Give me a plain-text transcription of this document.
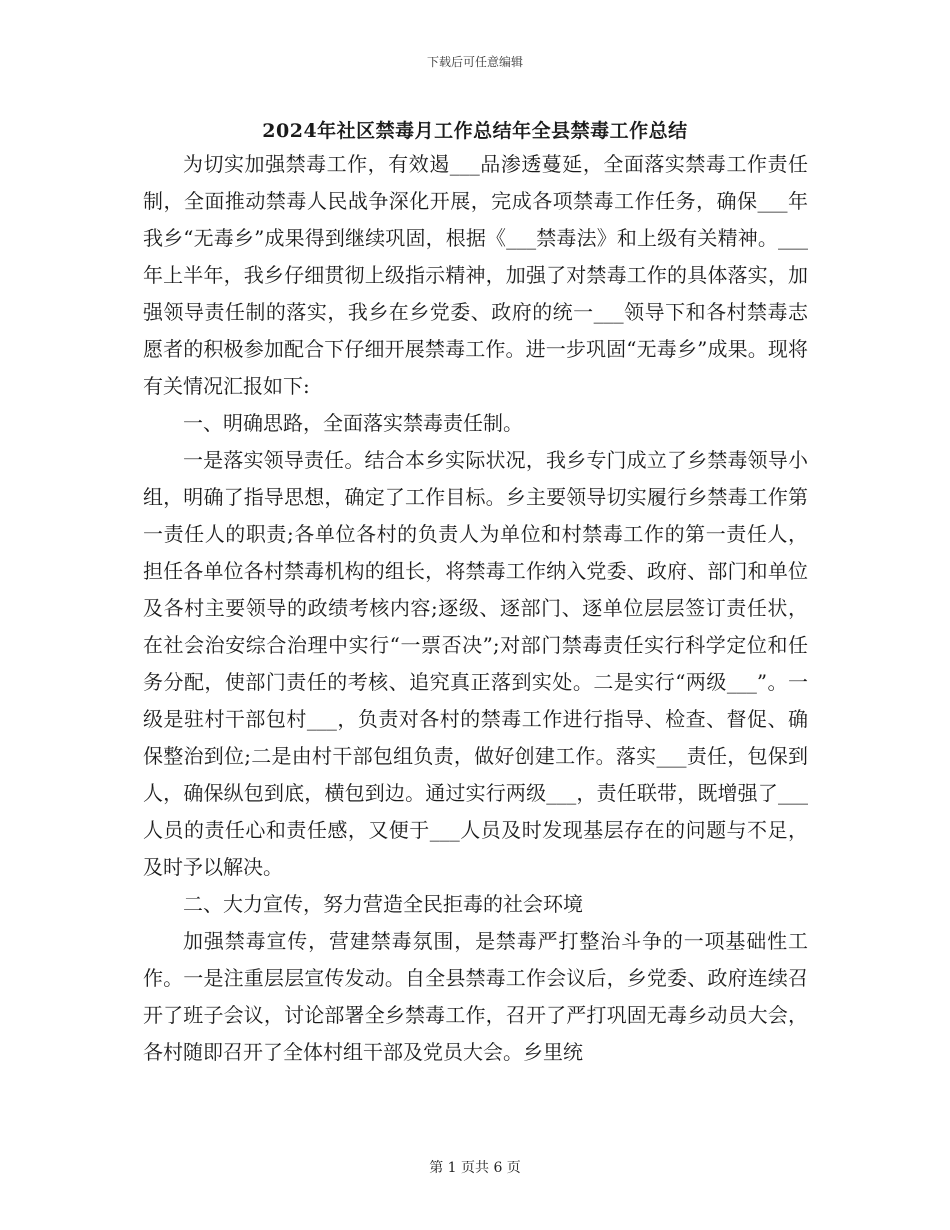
下载后可任意编辑
2024年社区禁毒月工作总结年全县禁毒工作总结

为切实加强禁毒工作，有效遏___品渗透蔓延，全面落实禁毒工作责任制，全面推动禁毒人民战争深化开展，完成各项禁毒工作任务，确保___年我乡“无毒乡”成果得到继续巩固，根据《___禁毒法》和上级有关精神。___年上半年，我乡仔细贯彻上级指示精神，加强了对禁毒工作的具体落实，加强领导责任制的落实，我乡在乡党委、政府的统一___领导下和各村禁毒志愿者的积极参加配合下仔细开展禁毒工作。进一步巩固“无毒乡”成果。现将有关情况汇报如下:

一、明确思路，全面落实禁毒责任制。

一是落实领导责任。结合本乡实际状况，我乡专门成立了乡禁毒领导小组，明确了指导思想，确定了工作目标。乡主要领导切实履行乡禁毒工作第一责任人的职责;各单位各村的负责人为单位和村禁毒工作的第一责任人，担任各单位各村禁毒机构的组长，将禁毒工作纳入党委、政府、部门和单位及各村主要领导的政绩考核内容;逐级、逐部门、逐单位层层签订责任状，在社会治安综合治理中实行“一票否决”;对部门禁毒责任实行科学定位和任务分配，使部门责任的考核、追究真正落到实处。二是实行“两级___”。一级是驻村干部包村___，负责对各村的禁毒工作进行指导、检查、督促、确保整治到位;二是由村干部包组负责，做好创建工作。落实___责任，包保到人，确保纵包到底，横包到边。通过实行两级___，责任联带，既增强了___人员的责任心和责任感，又便于___人员及时发现基层存在的问题与不足，及时予以解决。

二、大力宣传，努力营造全民拒毒的社会环境

加强禁毒宣传，营建禁毒氛围，是禁毒严打整治斗争的一项基础性工作。一是注重层层宣传发动。自全县禁毒工作会议后，乡党委、政府连续召开了班子会议，讨论部署全乡禁毒工作，召开了严打巩固无毒乡动员大会，各村随即召开了全体村组干部及党员大会。乡里统

第 1 页共 6 页
